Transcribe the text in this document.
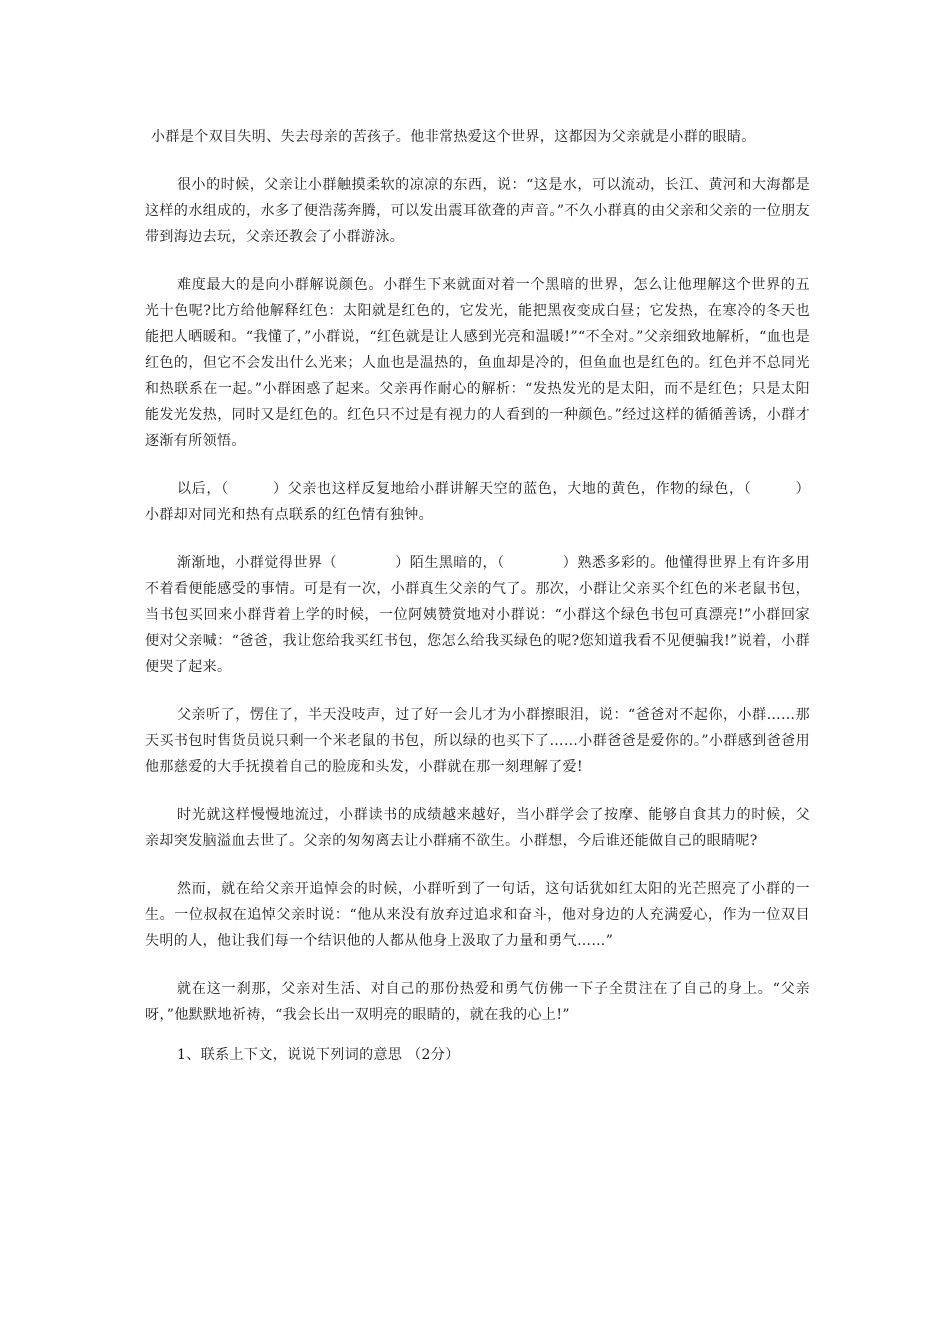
小群是个双目失明、失去母亲的苦孩子。他非常热爱这个世界，这都因为父亲就是小群的眼睛。

很小的时候，父亲让小群触摸柔软的凉凉的东西，说：“这是水，可以流动，长江、黄河和大海都是这样的水组成的，水多了便浩荡奔腾，可以发出震耳欲聋的声音。”不久小群真的由父亲和父亲的一位朋友带到海边去玩，父亲还教会了小群游泳。

难度最大的是向小群解说颜色。小群生下来就面对着一个黑暗的世界，怎么让他理解这个世界的五光十色呢?比方给他解释红色：太阳就是红色的，它发光，能把黑夜变成白昼；它发热，在寒冷的冬天也能把人晒暖和。“我懂了，”小群说，“红色就是让人感到光亮和温暖!”“不全对。”父亲细致地解析，“血也是红色的，但它不会发出什么光来；人血也是温热的，鱼血却是冷的，但鱼血也是红色的。红色并不总同光和热联系在一起。”小群困惑了起来。父亲再作耐心的解析：“发热发光的是太阳，而不是红色；只是太阳能发光发热，同时又是红色的。红色只不过是有视力的人看到的一种颜色。”经过这样的循循善诱，小群才逐渐有所领悟。

以后，（　　　）父亲也这样反复地给小群讲解天空的蓝色，大地的黄色，作物的绿色，（　　　）小群却对同光和热有点联系的红色情有独钟。

渐渐地，小群觉得世界（　　　　）陌生黑暗的，（　　　　）熟悉多彩的。他懂得世界上有许多用不着看便能感受的事情。可是有一次，小群真生父亲的气了。那次，小群让父亲买个红色的米老鼠书包，当书包买回来小群背着上学的时候，一位阿姨赞赏地对小群说：“小群这个绿色书包可真漂亮!”小群回家便对父亲喊：“爸爸，我让您给我买红书包，您怎么给我买绿色的呢?您知道我看不见便骗我!”说着，小群便哭了起来。

父亲听了，愣住了，半天没吱声，过了好一会儿才为小群擦眼泪，说：“爸爸对不起你，小群……那天买书包时售货员说只剩一个米老鼠的书包，所以绿的也买下了……小群爸爸是爱你的。”小群感到爸爸用他那慈爱的大手抚摸着自己的脸庞和头发，小群就在那一刻理解了爱!

时光就这样慢慢地流过，小群读书的成绩越来越好，当小群学会了按摩、能够自食其力的时候，父亲却突发脑溢血去世了。父亲的匆匆离去让小群痛不欲生。小群想，今后谁还能做自己的眼睛呢?

然而，就在给父亲开追悼会的时候，小群听到了一句话，这句话犹如红太阳的光芒照亮了小群的一生。一位叔叔在追悼父亲时说：“他从来没有放弃过追求和奋斗，他对身边的人充满爱心，作为一位双目失明的人，他让我们每一个结识他的人都从他身上汲取了力量和勇气……”

就在这一刹那，父亲对生活、对自己的那份热爱和勇气仿佛一下子全贯注在了自己的身上。“父亲呀，”他默默地祈祷，“我会长出一双明亮的眼睛的，就在我的心上!”

1、联系上下文，说说下列词的意思 （2分）
